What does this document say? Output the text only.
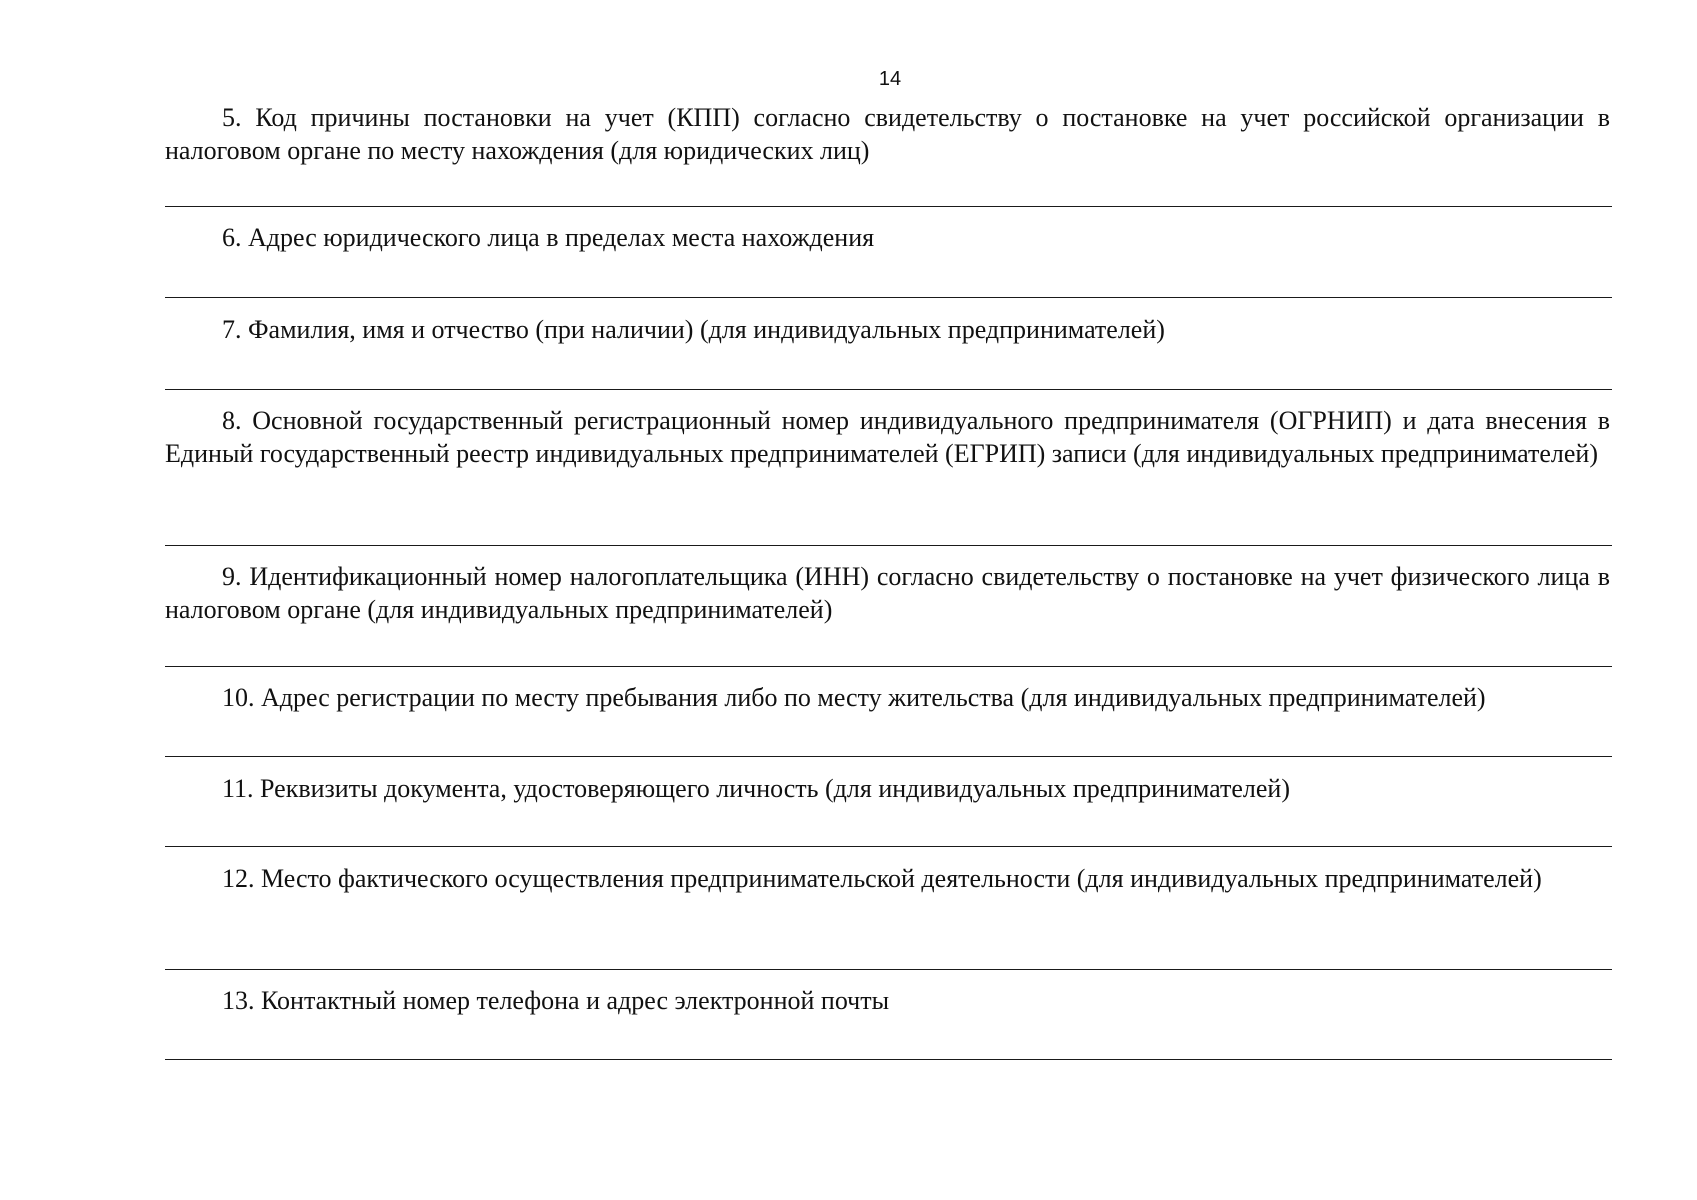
14

5. Код причины постановки на учет (КПП) согласно свидетельству о постановке на учет российской организации в налоговом органе по месту нахождения (для юридических лиц)

6. Адрес юридического лица в пределах места нахождения

7. Фамилия, имя и отчество (при наличии) (для индивидуальных предпринимателей)

8. Основной государственный регистрационный номер индивидуального предпринимателя (ОГРНИП) и дата внесения в Единый государственный реестр индивидуальных предпринимателей (ЕГРИП) записи (для индивидуальных предпринимателей)

9. Идентификационный номер налогоплательщика (ИНН) согласно свидетельству о постановке на учет физического лица в налоговом органе (для индивидуальных предпринимателей)

10. Адрес регистрации по месту пребывания либо по месту жительства (для индивидуальных предпринимателей)

11. Реквизиты документа, удостоверяющего личность (для индивидуальных предпринимателей)

12. Место фактического осуществления предпринимательской деятельности (для индивидуальных предпринимателей)

13. Контактный номер телефона и адрес электронной почты
